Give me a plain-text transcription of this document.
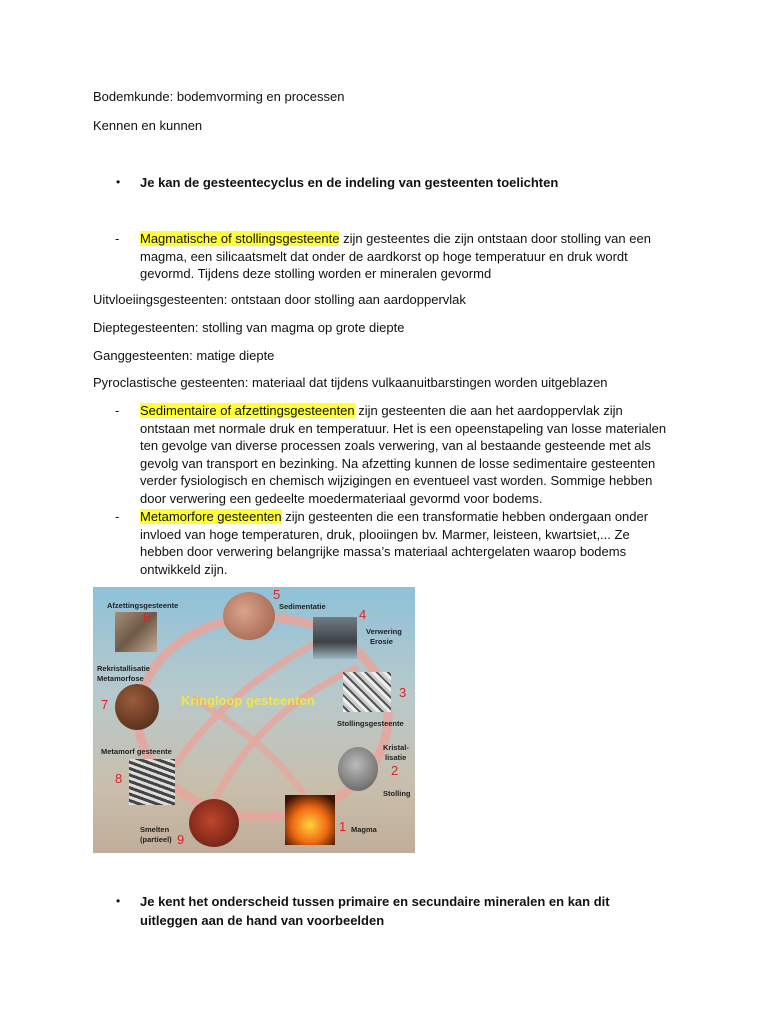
Bodemkunde: bodemvorming en processen
Kennen en kunnen
• Je kan de gesteentecyclus en de indeling van gesteenten toelichten
- Magmatische of stollingsgesteente zijn gesteentes die zijn ontstaan door stolling van een
magma, een silicaatsmelt dat onder de aardkorst op hoge temperatuur en druk wordt
gevormd. Tijdens deze stolling worden er mineralen gevormd
Uitvloeiingsgesteenten: ontstaan door stolling aan aardoppervlak
Dieptegesteenten: stolling van magma op grote diepte
Ganggesteenten: matige diepte
Pyroclastische gesteenten: materiaal dat tijdens vulkaanuitbarstingen worden uitgeblazen
- Sedimentaire of afzettingsgesteenten zijn gesteenten die aan het aardoppervlak zijn
ontstaan met normale druk en temperatuur. Het is een opeenstapeling van losse materialen
ten gevolge van diverse processen zoals verwering, van al bestaande gesteende met als
gevolg van transport en bezinking. Na afzetting kunnen de losse sedimentaire gesteenten
verder fysiologisch en chemisch wijzigingen en eventueel vast worden. Sommige hebben
door verwering een gedeelte moedermateriaal gevormd voor bodems.
- Metamorfore gesteenten zijn gesteenten die een transformatie hebben ondergaan onder
invloed van hoge temperaturen, druk, plooiingen bv. Marmer, leisteen, kwartsiet,... Ze
hebben door verwering belangrijke massa’s materiaal achtergelaten waarop bodems
ontwikkeld zijn.
Kringloop gesteenten
Afzettingsgesteente	Sedimentatie
Verwering
Erosie
Rekristallisatie
Metamorfose
Stollingsgesteente
Kristal-
lisatie
Metamorf gesteente
Stolling
Smelten
(partieel)
Magma
1
2
3
4
5
6
7
8
9
• Je kent het onderscheid tussen primaire en secundaire mineralen en kan dit
uitleggen aan de hand van voorbeelden
